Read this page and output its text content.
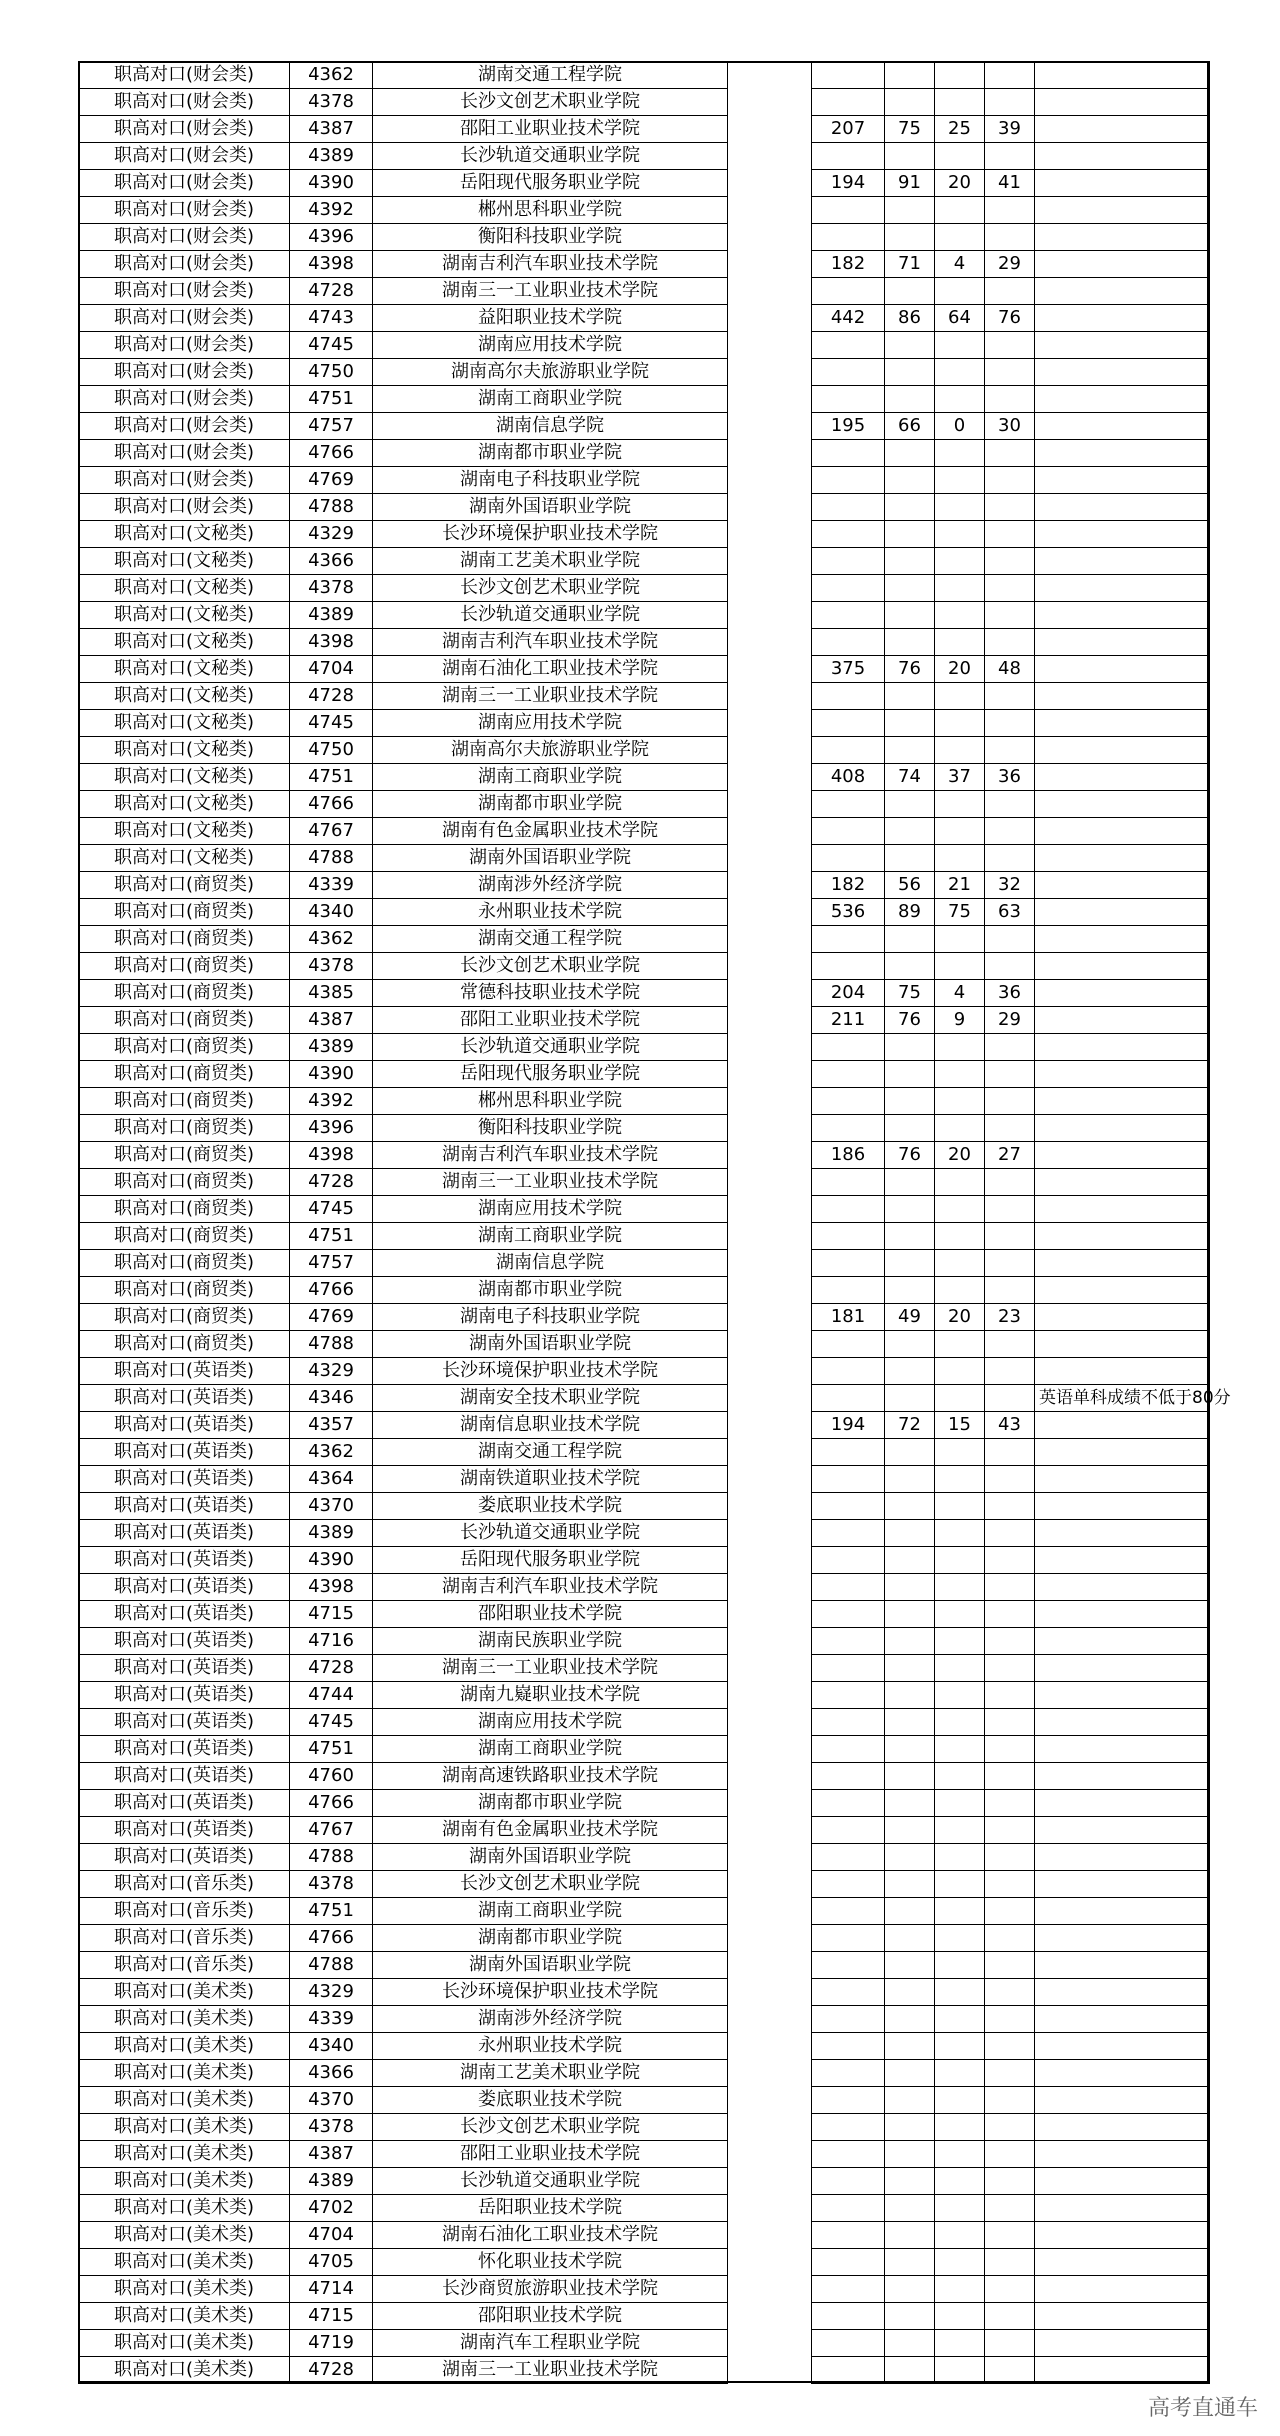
职高对口(财会类)	4362	湖南交通工程学院						
职高对口(财会类)	4378	长沙文创艺术职业学院						
职高对口(财会类)	4387	邵阳工业职业技术学院		207	75	25	39	
职高对口(财会类)	4389	长沙轨道交通职业学院						
职高对口(财会类)	4390	岳阳现代服务职业学院		194	91	20	41	
职高对口(财会类)	4392	郴州思科职业学院						
职高对口(财会类)	4396	衡阳科技职业学院						
职高对口(财会类)	4398	湖南吉利汽车职业技术学院		182	71	4	29	
职高对口(财会类)	4728	湖南三一工业职业技术学院						
职高对口(财会类)	4743	益阳职业技术学院		442	86	64	76	
职高对口(财会类)	4745	湖南应用技术学院						
职高对口(财会类)	4750	湖南高尔夫旅游职业学院						
职高对口(财会类)	4751	湖南工商职业学院						
职高对口(财会类)	4757	湖南信息学院		195	66	0	30	
职高对口(财会类)	4766	湖南都市职业学院						
职高对口(财会类)	4769	湖南电子科技职业学院						
职高对口(财会类)	4788	湖南外国语职业学院						
职高对口(文秘类)	4329	长沙环境保护职业技术学院						
职高对口(文秘类)	4366	湖南工艺美术职业学院						
职高对口(文秘类)	4378	长沙文创艺术职业学院						
职高对口(文秘类)	4389	长沙轨道交通职业学院						
职高对口(文秘类)	4398	湖南吉利汽车职业技术学院						
职高对口(文秘类)	4704	湖南石油化工职业技术学院		375	76	20	48	
职高对口(文秘类)	4728	湖南三一工业职业技术学院						
职高对口(文秘类)	4745	湖南应用技术学院						
职高对口(文秘类)	4750	湖南高尔夫旅游职业学院						
职高对口(文秘类)	4751	湖南工商职业学院		408	74	37	36	
职高对口(文秘类)	4766	湖南都市职业学院						
职高对口(文秘类)	4767	湖南有色金属职业技术学院						
职高对口(文秘类)	4788	湖南外国语职业学院						
职高对口(商贸类)	4339	湖南涉外经济学院		182	56	21	32	
职高对口(商贸类)	4340	永州职业技术学院		536	89	75	63	
职高对口(商贸类)	4362	湖南交通工程学院						
职高对口(商贸类)	4378	长沙文创艺术职业学院						
职高对口(商贸类)	4385	常德科技职业技术学院		204	75	4	36	
职高对口(商贸类)	4387	邵阳工业职业技术学院		211	76	9	29	
职高对口(商贸类)	4389	长沙轨道交通职业学院						
职高对口(商贸类)	4390	岳阳现代服务职业学院						
职高对口(商贸类)	4392	郴州思科职业学院						
职高对口(商贸类)	4396	衡阳科技职业学院						
职高对口(商贸类)	4398	湖南吉利汽车职业技术学院		186	76	20	27	
职高对口(商贸类)	4728	湖南三一工业职业技术学院						
职高对口(商贸类)	4745	湖南应用技术学院						
职高对口(商贸类)	4751	湖南工商职业学院						
职高对口(商贸类)	4757	湖南信息学院						
职高对口(商贸类)	4766	湖南都市职业学院						
职高对口(商贸类)	4769	湖南电子科技职业学院		181	49	20	23	
职高对口(商贸类)	4788	湖南外国语职业学院						
职高对口(英语类)	4329	长沙环境保护职业技术学院						
职高对口(英语类)	4346	湖南安全技术职业学院						英语单科成绩不低于80分
职高对口(英语类)	4357	湖南信息职业技术学院		194	72	15	43	
职高对口(英语类)	4362	湖南交通工程学院						
职高对口(英语类)	4364	湖南铁道职业技术学院						
职高对口(英语类)	4370	娄底职业技术学院						
职高对口(英语类)	4389	长沙轨道交通职业学院						
职高对口(英语类)	4390	岳阳现代服务职业学院						
职高对口(英语类)	4398	湖南吉利汽车职业技术学院						
职高对口(英语类)	4715	邵阳职业技术学院						
职高对口(英语类)	4716	湖南民族职业学院						
职高对口(英语类)	4728	湖南三一工业职业技术学院						
职高对口(英语类)	4744	湖南九嶷职业技术学院						
职高对口(英语类)	4745	湖南应用技术学院						
职高对口(英语类)	4751	湖南工商职业学院						
职高对口(英语类)	4760	湖南高速铁路职业技术学院						
职高对口(英语类)	4766	湖南都市职业学院						
职高对口(英语类)	4767	湖南有色金属职业技术学院						
职高对口(英语类)	4788	湖南外国语职业学院						
职高对口(音乐类)	4378	长沙文创艺术职业学院						
职高对口(音乐类)	4751	湖南工商职业学院						
职高对口(音乐类)	4766	湖南都市职业学院						
职高对口(音乐类)	4788	湖南外国语职业学院						
职高对口(美术类)	4329	长沙环境保护职业技术学院						
职高对口(美术类)	4339	湖南涉外经济学院						
职高对口(美术类)	4340	永州职业技术学院						
职高对口(美术类)	4366	湖南工艺美术职业学院						
职高对口(美术类)	4370	娄底职业技术学院						
职高对口(美术类)	4378	长沙文创艺术职业学院						
职高对口(美术类)	4387	邵阳工业职业技术学院						
职高对口(美术类)	4389	长沙轨道交通职业学院						
职高对口(美术类)	4702	岳阳职业技术学院						
职高对口(美术类)	4704	湖南石油化工职业技术学院						
职高对口(美术类)	4705	怀化职业技术学院						
职高对口(美术类)	4714	长沙商贸旅游职业技术学院						
职高对口(美术类)	4715	邵阳职业技术学院						
职高对口(美术类)	4719	湖南汽车工程职业学院						
职高对口(美术类)	4728	湖南三一工业职业技术学院						
高考直通车
